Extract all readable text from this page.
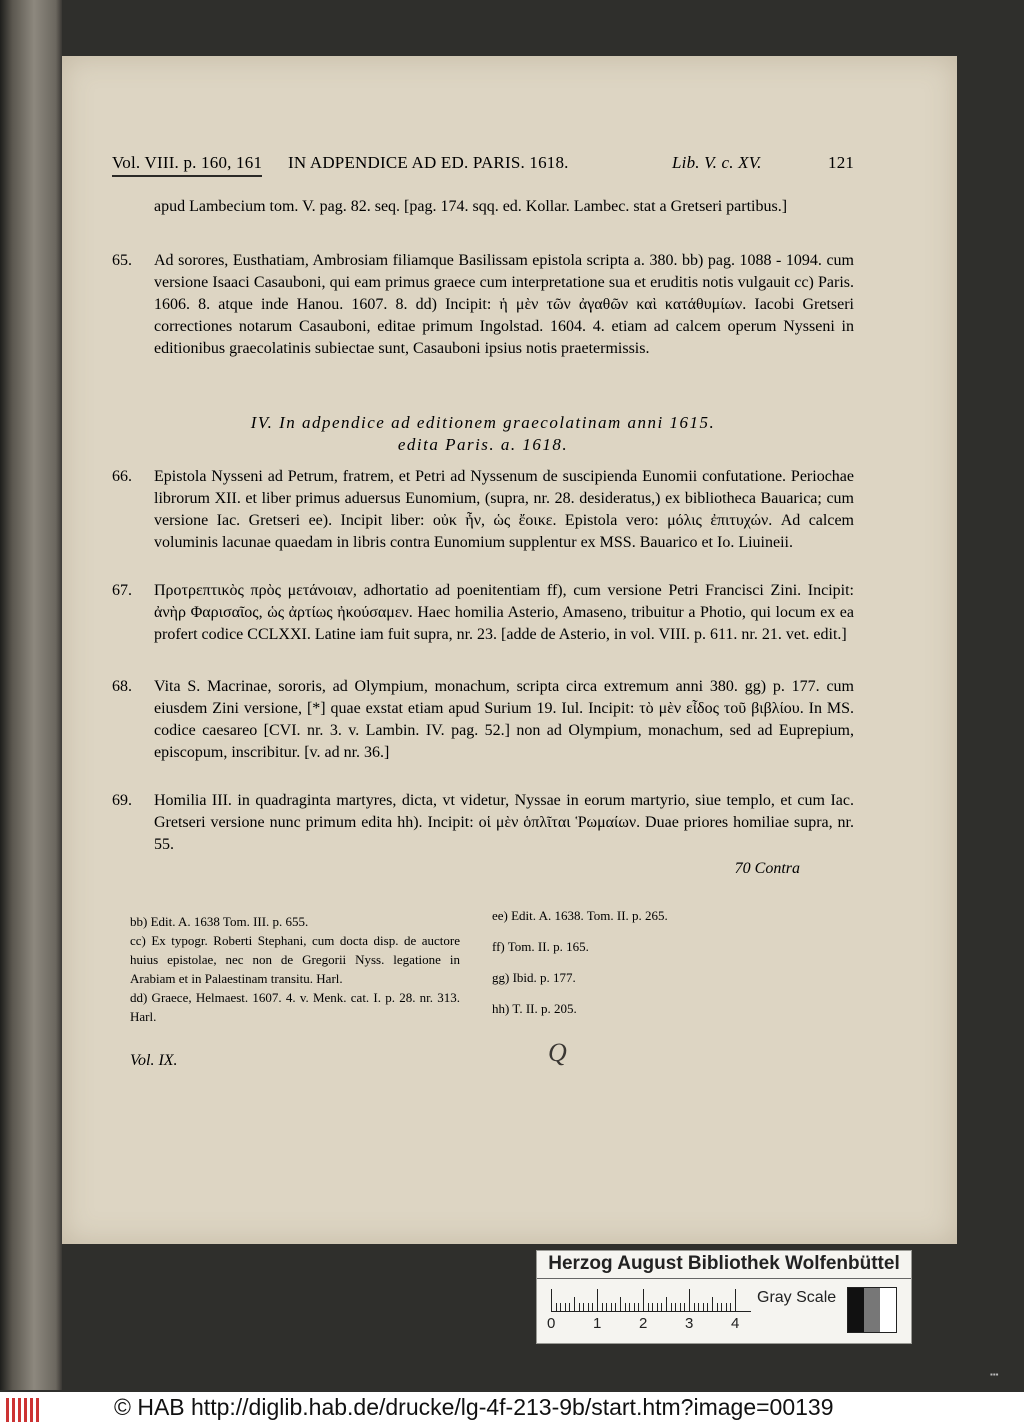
Vol. VIII. p. 160, 161 IN ADPENDICE AD ED. PARIS. 1618.	Lib. V. c. XV.	121
apud Lambecium tom. V. pag. 82. seq. [pag. 174. sqq. ed. Kollar. Lambec. stat a Gretseri partibus.]
65. Ad sorores, Eusthatiam, Ambrosiam filiamque Basilissam epistola scripta a. 380. bb) pag. 1088 - 1094. cum versione Isaaci Casauboni, qui eam primus graece cum interpretatione sua et eruditis notis vulgauit cc) Paris. 1606. 8. atque inde Hanou. 1607. 8. dd) Incipit: ἡ μὲν τῶν ἀγαθῶν καὶ κατάθυμίων. Iacobi Gretseri correctiones notarum Casauboni, editae primum Ingolstad. 1604. 4. etiam ad calcem operum Nysseni in editionibus graecolatinis subiectae sunt, Casauboni ipsius notis praetermissis.
IV. In adpendice ad editionem graecolatinam anni 1615.
edita Paris. a. 1618.
66. Epistola Nysseni ad Petrum, fratrem, et Petri ad Nyssenum de suscipienda Eunomii confutatione. Periochae librorum XII. et liber primus aduersus Eunomium, (supra, nr. 28. desideratus,) ex bibliotheca Bauarica; cum versione Iac. Gretseri ee). Incipit liber: οὐκ ἦν, ὡς ἔοικε. Epistola vero: μόλις ἐπιτυχών. Ad calcem voluminis lacunae quaedam in libris contra Eunomium supplentur ex MSS. Bauarico et Io. Liuineii.
67. Προτρεπτικὸς πρὸς μετάνοιαν, adhortatio ad poenitentiam ff), cum versione Petri Francisci Zini. Incipit: ἀνὴρ Φαρισαῖος, ὡς ἀρτίως ἠκούσαμεν. Haec homilia Asterio, Amaseno, tribuitur a Photio, qui locum ex ea profert codice CCLXXI. Latine iam fuit supra, nr. 23. [adde de Asterio, in vol. VIII. p. 611. nr. 21. vet. edit.]
68. Vita S. Macrinae, sororis, ad Olympium, monachum, scripta circa extremum anni 380. gg) p. 177. cum eiusdem Zini versione, [*] quae exstat etiam apud Surium 19. Iul. Incipit: τὸ μὲν εἶδος τοῦ βιβλίου. In MS. codice caesareo [CVI. nr. 3. v. Lambin. IV. pag. 52.] non ad Olympium, monachum, sed ad Euprepium, episcopum, inscribitur. [v. ad nr. 36.]
69. Homilia III. in quadraginta martyres, dicta, vt videtur, Nyssae in eorum martyrio, siue templo, et cum Iac. Gretseri versione nunc primum edita hh). Incipit: οἱ μὲν ὁπλῖται Ῥωμαίων. Duae priores homiliae supra, nr. 55.
70 Contra
bb) Edit. A. 1638 Tom. III. p. 655.
cc) Ex typogr. Roberti Stephani, cum docta disp. de auctore huius epistolae, nec non de Gregorii Nyss. legatione in Arabiam et in Palaestinam transitu. Harl.
dd) Graece, Helmaest. 1607. 4. v. Menk. cat. I. p. 28. nr. 313. Harl.
ee) Edit. A. 1638. Tom. II. p. 265.
ff) Tom. II. p. 165.
gg) Ibid. p. 177.
hh) T. II. p. 205.
Vol. IX.	Q
Herzog August Bibliothek Wolfenbüttel
0	1	2	3	4
Gray Scale
▪▪▪
© HAB http://diglib.hab.de/drucke/lg-4f-213-9b/start.htm?image=00139
